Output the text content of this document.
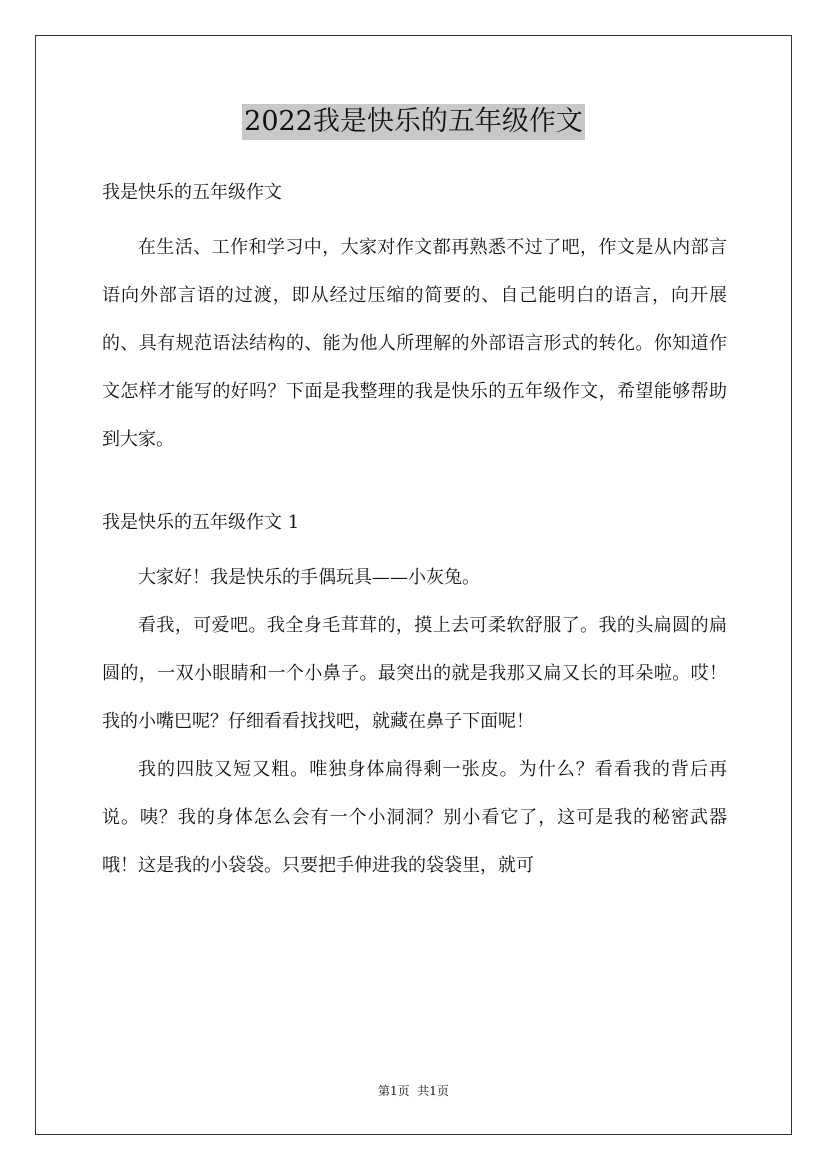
2022我是快乐的五年级作文

我是快乐的五年级作文

在生活、工作和学习中，大家对作文都再熟悉不过了吧，作文是从内部言语向外部言语的过渡，即从经过压缩的简要的、自己能明白的语言，向开展的、具有规范语法结构的、能为他人所理解的外部语言形式的转化。你知道作文怎样才能写的好吗？下面是我整理的我是快乐的五年级作文，希望能够帮助到大家。

我是快乐的五年级作文 1

大家好！我是快乐的手偶玩具——小灰兔。

看我，可爱吧。我全身毛茸茸的，摸上去可柔软舒服了。我的头扁圆的扁圆的，一双小眼睛和一个小鼻子。最突出的就是我那又扁又长的耳朵啦。哎！我的小嘴巴呢？仔细看看找找吧，就藏在鼻子下面呢！

我的四肢又短又粗。唯独身体扁得剩一张皮。为什么？看看我的背后再说。咦？我的身体怎么会有一个小洞洞？别小看它了，这可是我的秘密武器哦！这是我的小袋袋。只要把手伸进我的袋袋里，就可

第1页  共1页
